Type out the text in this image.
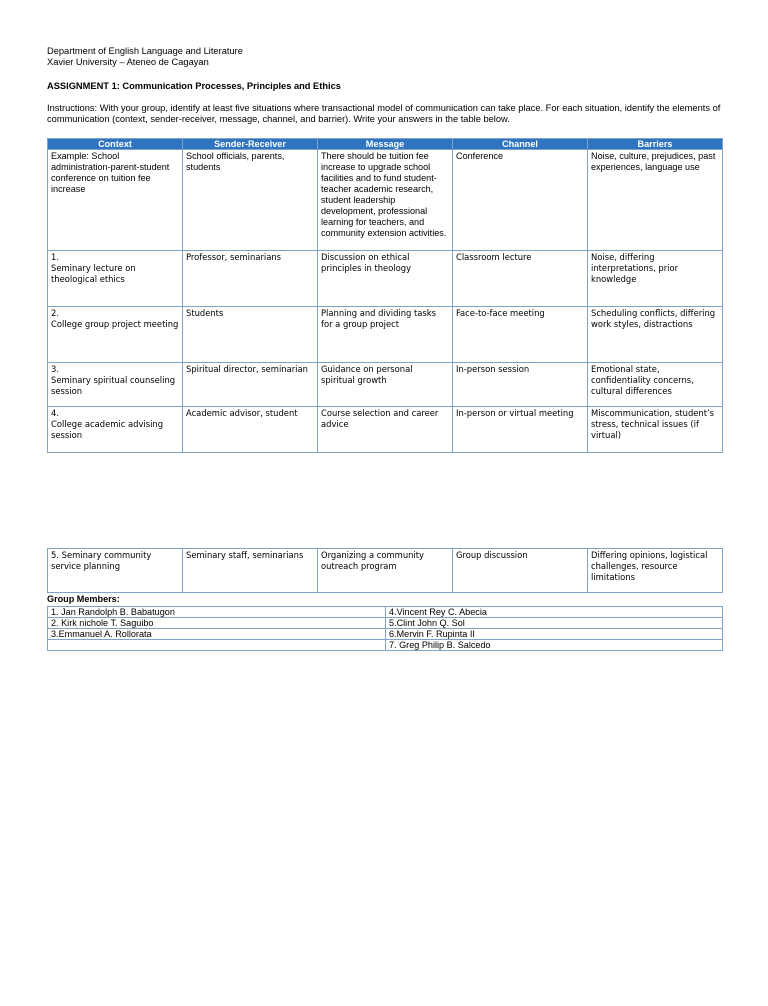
Department of English Language and Literature
Xavier University – Ateneo de Cagayan
ASSIGNMENT 1: Communication Processes, Principles and Ethics
Instructions: With your group, identify at least five situations where transactional model of communication can take place. For each situation, identify the elements of communication (context, sender-receiver, message, channel, and barrier). Write your answers in the table below.
Context	Sender-Receiver	Message	Channel	Barriers
Example: School administration-parent-student conference on tuition fee increase	School officials, parents, students	There should be tuition fee increase to upgrade school facilities and to fund student-teacher academic research, student leadership development, professional learning for teachers, and community extension activities.	Conference	Noise, culture, prejudices, past experiences, language use
1.
Seminary lecture on theological ethics	Professor, seminarians	Discussion on ethical principles in theology	Classroom lecture	Noise, differing interpretations, prior knowledge
2.
College group project meeting	Students	Planning and dividing tasks for a group project	Face-to-face meeting	Scheduling conflicts, differing work styles, distractions
3.
Seminary spiritual counseling session	Spiritual director, seminarian	Guidance on personal spiritual growth	In-person session	Emotional state, confidentiality concerns, cultural differences
4.
College academic advising session	Academic advisor, student	Course selection and career advice	In-person or virtual meeting	Miscommunication, student’s stress, technical issues (if virtual)
5. Seminary community service planning	Seminary staff, seminarians	Organizing a community outreach program	Group discussion	Differing opinions, logistical challenges, resource limitations
Group Members:
1. Jan Randolph B. Babatugon	4.Vincent Rey C. Abecia
2. Kirk nichole T. Saguibo	5.Clint John Q. Sol
3.Emmanuel A. Rollorata	6.Mervin F. Rupinta II
	7. Greg Philip B. Salcedo
